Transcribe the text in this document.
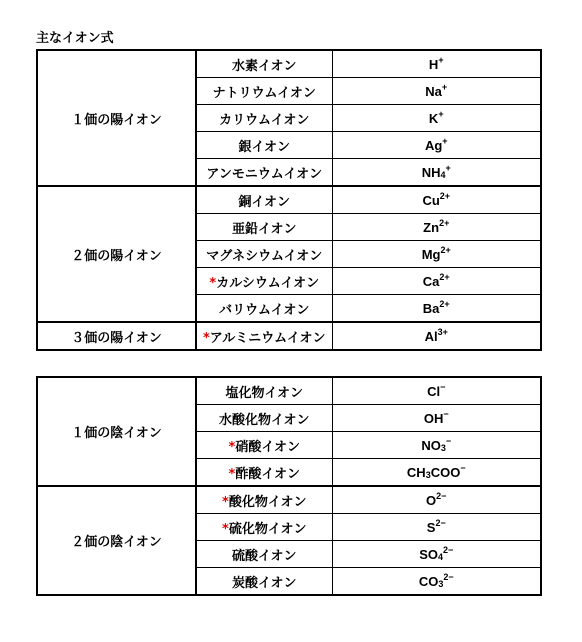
主なイオン式
１価の陽イオン	水素イオン	H+
	ナトリウムイオン	Na+
	カリウムイオン	K+
	銀イオン	Ag+
	アンモニウムイオン	$NH_4^+$
２価の陽イオン	銅イオン	$Cu^{2+}$
	亜鉛イオン	$Zn^{2+}$
	マグネシウムイオン	$Mg^{2+}$
	*カルシウムイオン	$Ca^{2+}$
	バリウムイオン	$Ba^{2+}$
３価の陽イオン	*アルミニウムイオン	$Al^{3+}$
１価の陰イオン	塩化物イオン	Cl−
	水酸化物イオン	OH−
	*硝酸イオン	$NO_3^-$
	*酢酸イオン	$CH_3COO^-$
２価の陰イオン	*酸化物イオン	$O^{2-}$
	*硫化物イオン	$S^{2-}$
	硫酸イオン	$SO_4^{2-}$
	炭酸イオン	$CO_3^{2-}$
